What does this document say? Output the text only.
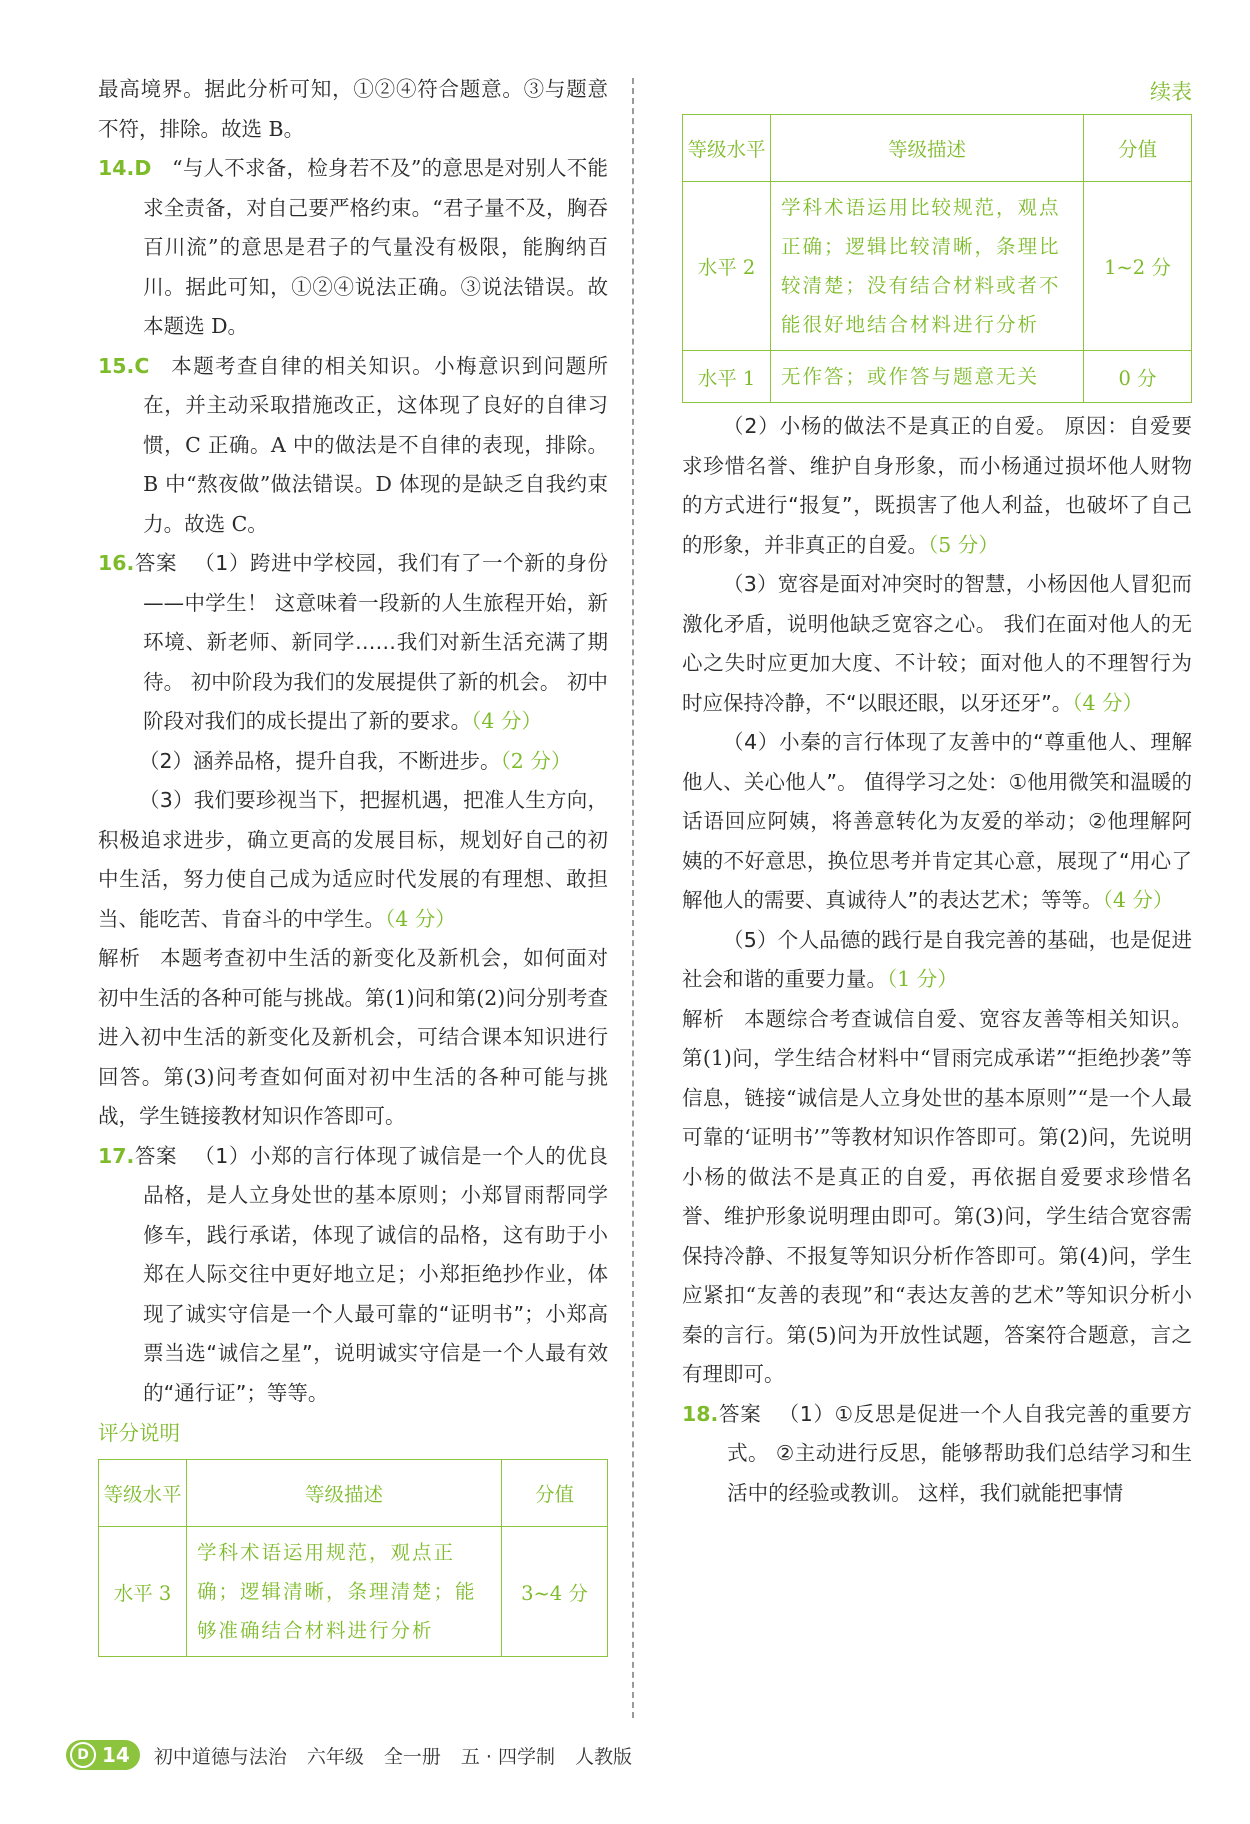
最高境界。据此分析可知，①②④符合题意。③与题意不符，排除。故选 B。

14.D “与人不求备，检身若不及”的意思是对别人不能求全责备，对自己要严格约束。“君子量不及，胸吞百川流”的意思是君子的气量没有极限，能胸纳百川。据此可知，①②④说法正确。③说法错误。故本题选 D。

15.C 本题考查自律的相关知识。小梅意识到问题所在，并主动采取措施改正，这体现了良好的自律习惯，C 正确。A 中的做法是不自律的表现，排除。B 中“熬夜做”做法错误。D 体现的是缺乏自我约束力。故选 C。

16.答案 （1）跨进中学校园，我们有了一个新的身份——中学生！ 这意味着一段新的人生旅程开始，新环境、新老师、新同学……我们对新生活充满了期待。 初中阶段为我们的发展提供了新的机会。 初中阶段对我们的成长提出了新的要求。（4 分）

（2）涵养品格，提升自我，不断进步。（2 分）

（3）我们要珍视当下，把握机遇，把准人生方向，积极追求进步，确立更高的发展目标，规划好自己的初中生活，努力使自己成为适应时代发展的有理想、敢担当、能吃苦、肯奋斗的中学生。（4 分）

解析 本题考查初中生活的新变化及新机会，如何面对初中生活的各种可能与挑战。第(1)问和第(2)问分别考查进入初中生活的新变化及新机会，可结合课本知识进行回答。第(3)问考查如何面对初中生活的各种可能与挑战，学生链接教材知识作答即可。

17.答案 （1）小郑的言行体现了诚信是一个人的优良品格，是人立身处世的基本原则；小郑冒雨帮同学修车，践行承诺，体现了诚信的品格，这有助于小郑在人际交往中更好地立足；小郑拒绝抄作业，体现了诚实守信是一个人最可靠的“证明书”；小郑高票当选“诚信之星”，说明诚实守信是一个人最有效的“通行证”；等等。

评分说明
等级水平	等级描述	分值
水平 3	学科术语运用规范，观点正确；逻辑清晰，条理清楚；能够准确结合材料进行分析	3~4 分
续表
等级水平	等级描述	分值
水平 2	学科术语运用比较规范，观点正确；逻辑比较清晰，条理比较清楚；没有结合材料或者不能很好地结合材料进行分析	1~2 分
水平 1	无作答；或作答与题意无关	0 分

（2）小杨的做法不是真正的自爱。 原因：自爱要求珍惜名誉、维护自身形象，而小杨通过损坏他人财物的方式进行“报复”，既损害了他人利益，也破坏了自己的形象，并非真正的自爱。（5 分）

（3）宽容是面对冲突时的智慧，小杨因他人冒犯而激化矛盾，说明他缺乏宽容之心。 我们在面对他人的无心之失时应更加大度、不计较；面对他人的不理智行为时应保持冷静，不“以眼还眼，以牙还牙”。（4 分）

（4）小秦的言行体现了友善中的“尊重他人、理解他人、关心他人”。 值得学习之处：①他用微笑和温暖的话语回应阿姨，将善意转化为友爱的举动；②他理解阿姨的不好意思，换位思考并肯定其心意，展现了“用心了解他人的需要、真诚待人”的表达艺术；等等。（4 分）

（5）个人品德的践行是自我完善的基础，也是促进社会和谐的重要力量。（1 分）

解析 本题综合考查诚信自爱、宽容友善等相关知识。第(1)问，学生结合材料中“冒雨完成承诺”“拒绝抄袭”等信息，链接“诚信是人立身处世的基本原则”“是一个人最可靠的‘证明书’”等教材知识作答即可。第(2)问，先说明小杨的做法不是真正的自爱，再依据自爱要求珍惜名誉、维护形象说明理由即可。第(3)问，学生结合宽容需保持冷静、不报复等知识分析作答即可。第(4)问，学生应紧扣“友善的表现”和“表达友善的艺术”等知识分析小秦的言行。第(5)问为开放性试题，答案符合题意，言之有理即可。

18.答案 （1）①反思是促进一个人自我完善的重要方式。 ②主动进行反思，能够帮助我们总结学习和生活中的经验或教训。 这样，我们就能把事情

D 14 初中道德与法治 六年级 全一册 五 · 四学制 人教版
